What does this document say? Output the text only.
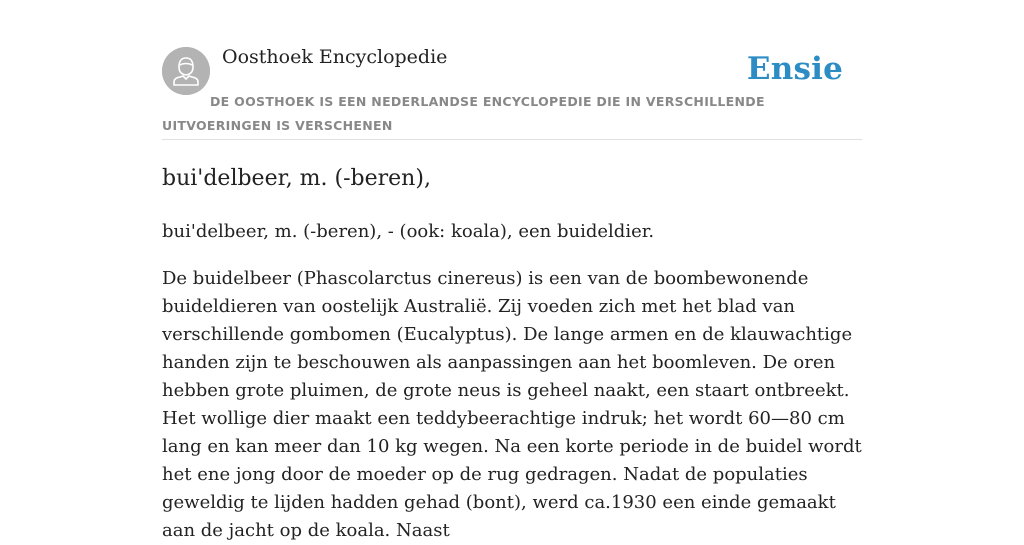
Oosthoek Encyclopedie	Ensie
DE OOSTHOEK IS EEN NEDERLANDSE ENCYCLOPEDIE DIE IN VERSCHILLENDE UITVOERINGEN IS VERSCHENEN
bui'delbeer, m. (-beren),

bui'delbeer, m. (-beren), - (ook: koala), een buideldier.

De buidelbeer (Phascolarctus cinereus) is een van de boombewonende buideldieren van oostelijk Australië. Zij voeden zich met het blad van verschillende gombomen (Eucalyptus). De lange armen en de klauwachtige handen zijn te beschouwen als aanpassingen aan het boomleven. De oren hebben grote pluimen, de grote neus is geheel naakt, een staart ontbreekt. Het wollige dier maakt een teddybeerachtige indruk; het wordt 60—80 cm lang en kan meer dan 10 kg wegen. Na een korte periode in de buidel wordt het ene jong door de moeder op de rug gedragen. Nadat de populaties geweldig te lijden hadden gehad (bont), werd ca.1930 een einde gemaakt aan de jacht op de koala. Naast
